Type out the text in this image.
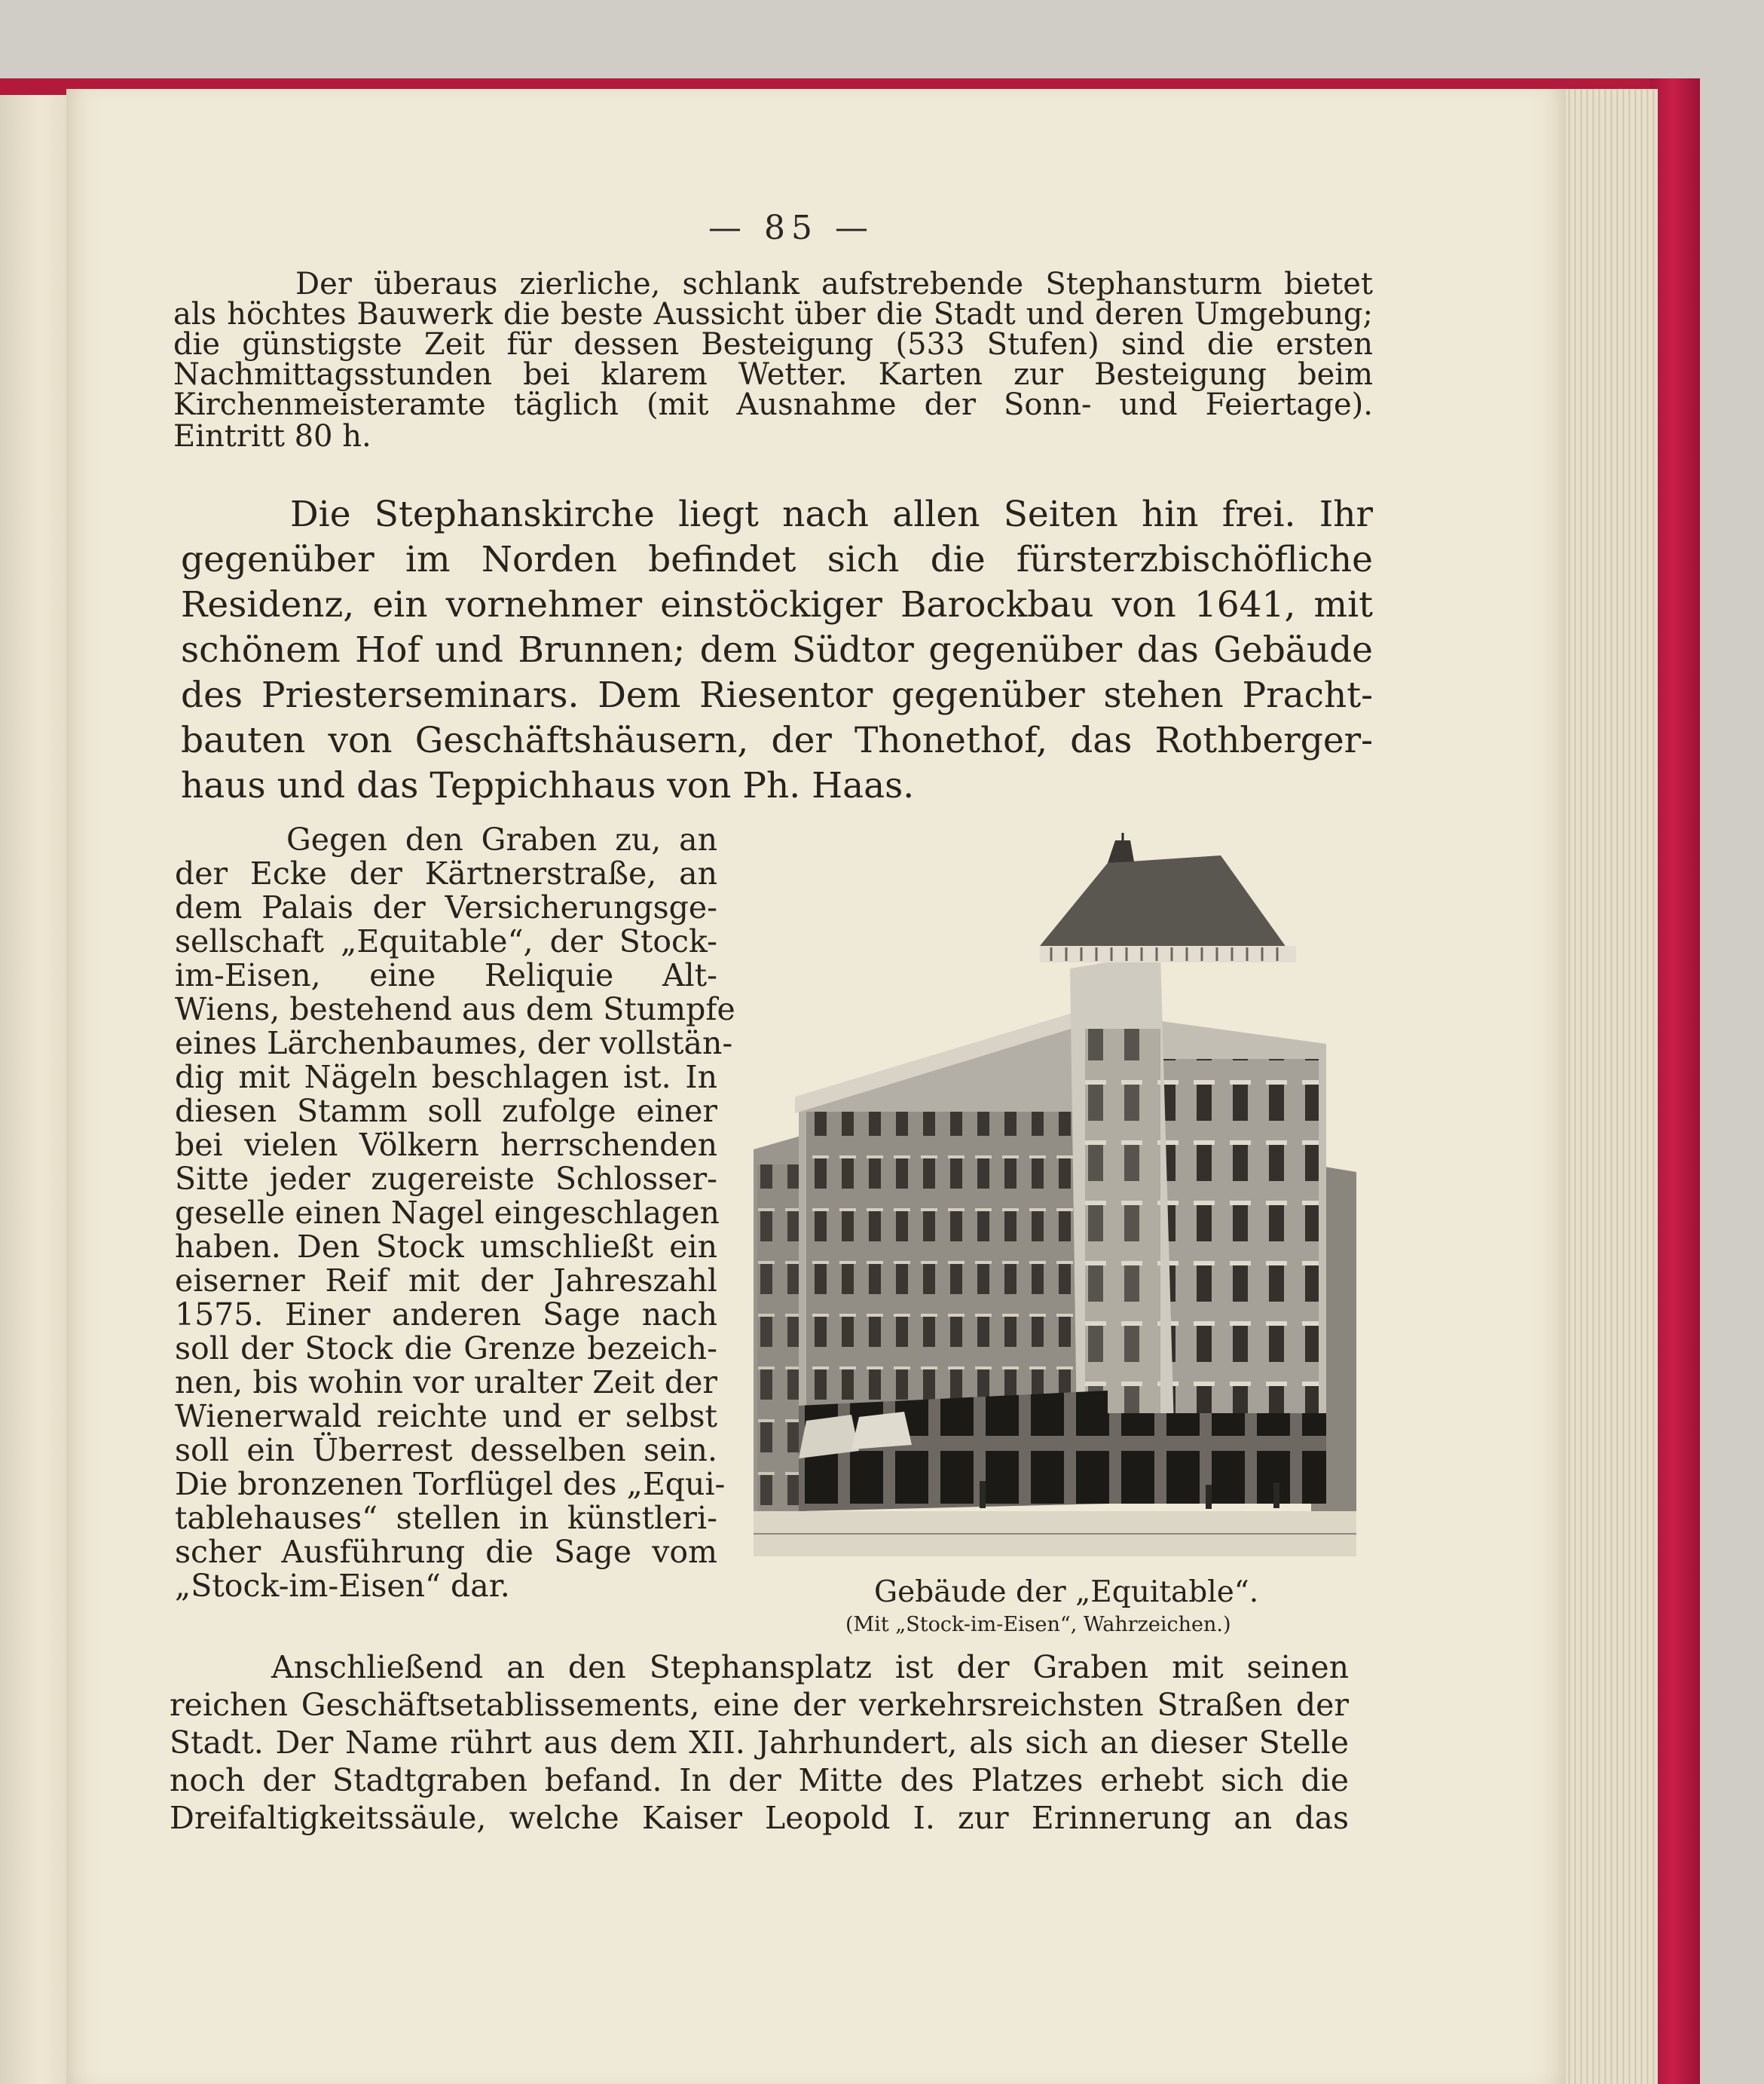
— 85 —
Der überaus zierliche, schlank aufstrebende Stephansturm bietet
als höchtes Bauwerk die beste Aussicht über die Stadt und deren Umgebung;
die günstigste Zeit für dessen Besteigung (533 Stufen) sind die ersten
Nachmittagsstunden bei klarem Wetter. Karten zur Besteigung beim
Kirchenmeisteramte täglich (mit Ausnahme der Sonn- und Feiertage).
Eintritt 80 h.
Die Stephanskirche liegt nach allen Seiten hin frei. Ihr
gegenüber im Norden befindet sich die fürsterzbischöfliche
Residenz, ein vornehmer einstöckiger Barockbau von 1641, mit
schönem Hof und Brunnen; dem Südtor gegenüber das Gebäude
des Priesterseminars. Dem Riesentor gegenüber stehen Pracht-
bauten von Geschäftshäusern, der Thonethof, das Rothberger-
haus und das Teppichhaus von Ph. Haas.
Gegen den Graben zu, an
der Ecke der Kärtnerstraße, an
dem Palais der Versicherungsge-
sellschaft „Equitable“, der Stock-
im-Eisen, eine Reliquie Alt-
Wiens, bestehend aus dem Stumpfe
eines Lärchenbaumes, der vollstän-
dig mit Nägeln beschlagen ist. In
diesen Stamm soll zufolge einer
bei vielen Völkern herrschenden
Sitte jeder zugereiste Schlosser-
geselle einen Nagel eingeschlagen
haben. Den Stock umschließt ein
eiserner Reif mit der Jahreszahl
1575. Einer anderen Sage nach
soll der Stock die Grenze bezeich-
nen, bis wohin vor uralter Zeit der
Wienerwald reichte und er selbst
soll ein Überrest desselben sein.
Die bronzenen Torflügel des „Equi-
tablehauses“ stellen in künstleri-
scher Ausführung die Sage vom
„Stock-im-Eisen“ dar.	Gebäude der „Equitable“.
(Mit „Stock-im-Eisen“, Wahrzeichen.)
Anschließend an den Stephansplatz ist der Graben mit seinen
reichen Geschäftsetablissements, eine der verkehrsreichsten Straßen der
Stadt. Der Name rührt aus dem XII. Jahrhundert, als sich an dieser Stelle
noch der Stadtgraben befand. In der Mitte des Platzes erhebt sich die
Dreifaltigkeitssäule, welche Kaiser Leopold I. zur Erinnerung an das
